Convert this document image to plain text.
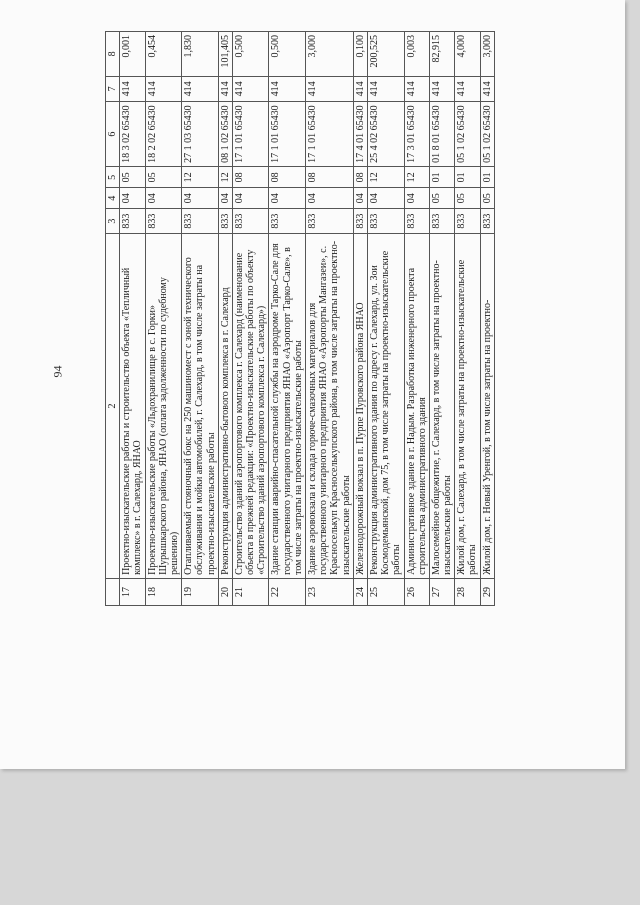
94
	2	3	4	5	6	7	8
17	Проектно-изыскательские работы и строительство объекта «Тепличный комплекс» в г. Салехард, ЯНАО	833	04	05	18 3 02 65430	414	0,001
18	Проектно-изыскательские работы «Льдохранилище в с. Горки» Шурышкарского района, ЯНАО (оплата задолженности по судебному решению)	833	04	05	18 2 02 65430	414	0,454
19	Отапливаемый стояночный бокс на 250 машиномест с зоной технического обслуживания и мойки автомобилей, г. Салехард, в том числе затраты на проектно-изыскательские работы	833	04	12	27 1 03 65430	414	1,830
20	Реконструкция административно-бытового комплекса в г. Салехард	833	04	12	08 1 02 65430	414	101,405
21	Строительство зданий аэропортового комплекса г. Салехард (наименование объекта в прежней редакции: «Проектно-изыскательские работы по объекту «Строительство зданий аэропортового комплекса г. Салехард»)	833	04	08	17 1 01 65430	414	0,500
22	Здание станции аварийно-спасательной службы на аэродроме Тарко-Сале для государственного унитарного предприятия ЯНАО «Аэропорт Тарко-Сале», в том числе затраты на проектно-изыскательские работы	833	04	08	17 1 01 65430	414	0,500
23	Здание аэровокзала и склада горюче-смазочных материалов для государственного унитарного предприятия ЯНАО «Аэропорты Мангазеи», с. Красноселькуп Красноселькупского района, в том числе затраты на проектно-изыскательские работы	833	04	08	17 1 01 65430	414	3,000
24	Железнодорожный вокзал в п. Пурпе Пуровского района ЯНАО	833	04	08	17 4 01 65430	414	0,100
25	Реконструкция административного здания по адресу г. Салехард, ул. Зои Космодемьянской, дом 75, в том числе затраты на проектно-изыскательские работы	833	04	12	25 4 02 65430	414	200,525
26	Административное здание в г. Надым. Разработка инженерного проекта строительства административного здания	833	04	12	17 3 01 65430	414	0,003
27	Малосемейное общежитие, г. Салехард, в том числе затраты на проектно-изыскательские работы	833	05	01	01 8 01 65430	414	82,915
28	Жилой дом, г. Салехард, в том числе затраты на проектно-изыскательские работы	833	05	01	05 1 02 65430	414	4,000
29	Жилой дом, г. Новый Уренгой, в том числе затраты на проектно-	833	05	01	05 1 02 65430	414	3,000
